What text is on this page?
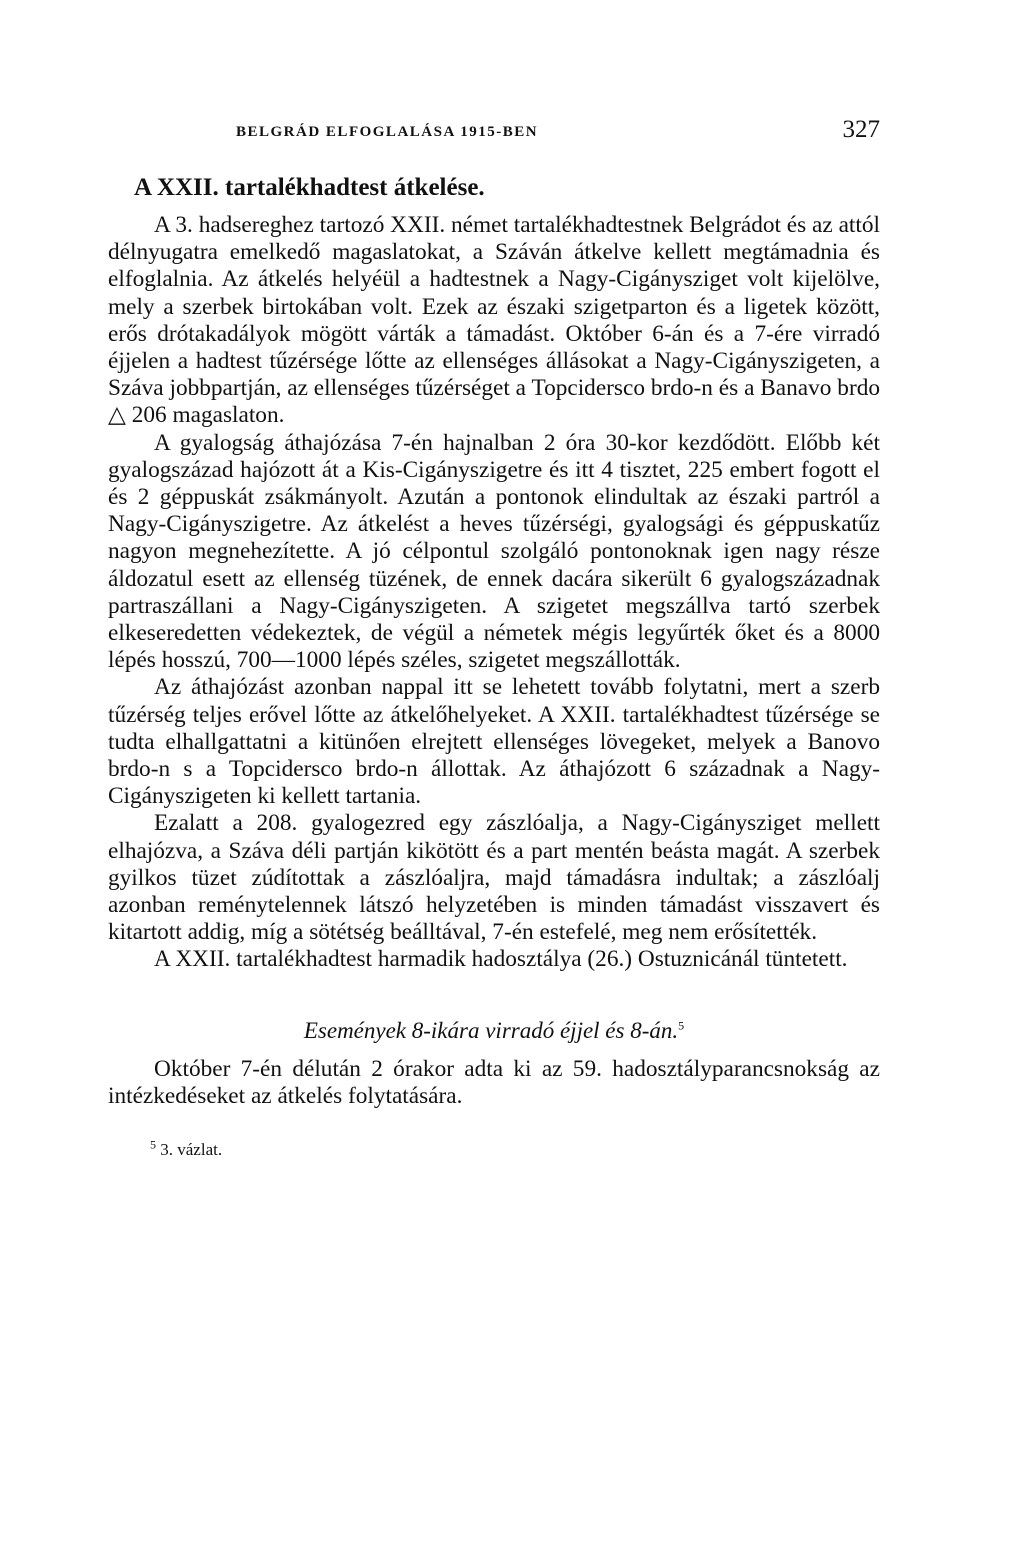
BELGRÁD ELFOGLALÁSA 1915-BEN	327
A XXII. tartalékhadtest átkelése.

A 3. hadsereghez tartozó XXII. német tartalékhadtestnek Belgrádot és az attól délnyugatra emelkedő magaslatokat, a Száván átkelve kellett megtámadnia és elfoglalnia. Az átkelés helyéül a hadtestnek a Nagy-Cigánysziget volt kijelölve, mely a szerbek birtokában volt. Ezek az északi szigetparton és a ligetek között, erős drótakadályok mögött várták a támadást. Október 6-án és a 7-ére virradó éjjelen a hadtest tűzérsége lőtte az ellenséges állásokat a Nagy-Cigányszigeten, a Száva jobbpartján, az ellenséges tűzérséget a Topcidersco brdo-n és a Banavo brdo △ 206 magaslaton.

A gyalogság áthajózása 7-én hajnalban 2 óra 30-kor kezdődött. Előbb két gyalogszázad hajózott át a Kis-Cigányszigetre és itt 4 tisztet, 225 embert fogott el és 2 géppuskát zsákmányolt. Azután a pontonok elindultak az északi partról a Nagy-Cigányszigetre. Az átkelést a heves tűzérségi, gyalogsági és géppuskatűz nagyon megnehezítette. A jó célpontul szolgáló pontonoknak igen nagy része áldozatul esett az ellenség tüzének, de ennek dacára sikerült 6 gyalogszázadnak partraszállani a Nagy-Cigányszigeten. A szigetet megszállva tartó szerbek elkeseredetten védekeztek, de végül a németek mégis legyűrték őket és a 8000 lépés hosszú, 700—1000 lépés széles, szigetet megszállották.

Az áthajózást azonban nappal itt se lehetett tovább folytatni, mert a szerb tűzérség teljes erővel lőtte az átkelőhelyeket. A XXII. tartalékhadtest tűzérsége se tudta elhallgattatni a kitünően elrejtett ellenséges lövegeket, melyek a Banovo brdo-n s a Topcidersco brdo-n állottak. Az áthajózott 6 századnak a Nagy-Cigányszigeten ki kellett tartania.

Ezalatt a 208. gyalogezred egy zászlóalja, a Nagy-Cigánysziget mellett elhajózva, a Száva déli partján kikötött és a part mentén beásta magát. A szerbek gyilkos tüzet zúdítottak a zászlóaljra, majd támadásra indultak; a zászlóalj azonban reménytelennek látszó helyzetében is minden támadást visszavert és kitartott addig, míg a sötétség beálltával, 7-én estefelé, meg nem erősítették.

A XXII. tartalékhadtest harmadik hadosztálya (26.) Ostuznicánál tüntetett.

Események 8-ikára virradó éjjel és 8-án.$^5$

Október 7-én délután 2 órakor adta ki az 59. hadosztályparancsnokság az intézkedéseket az átkelés folytatására.

$^5$ 3. vázlat.
